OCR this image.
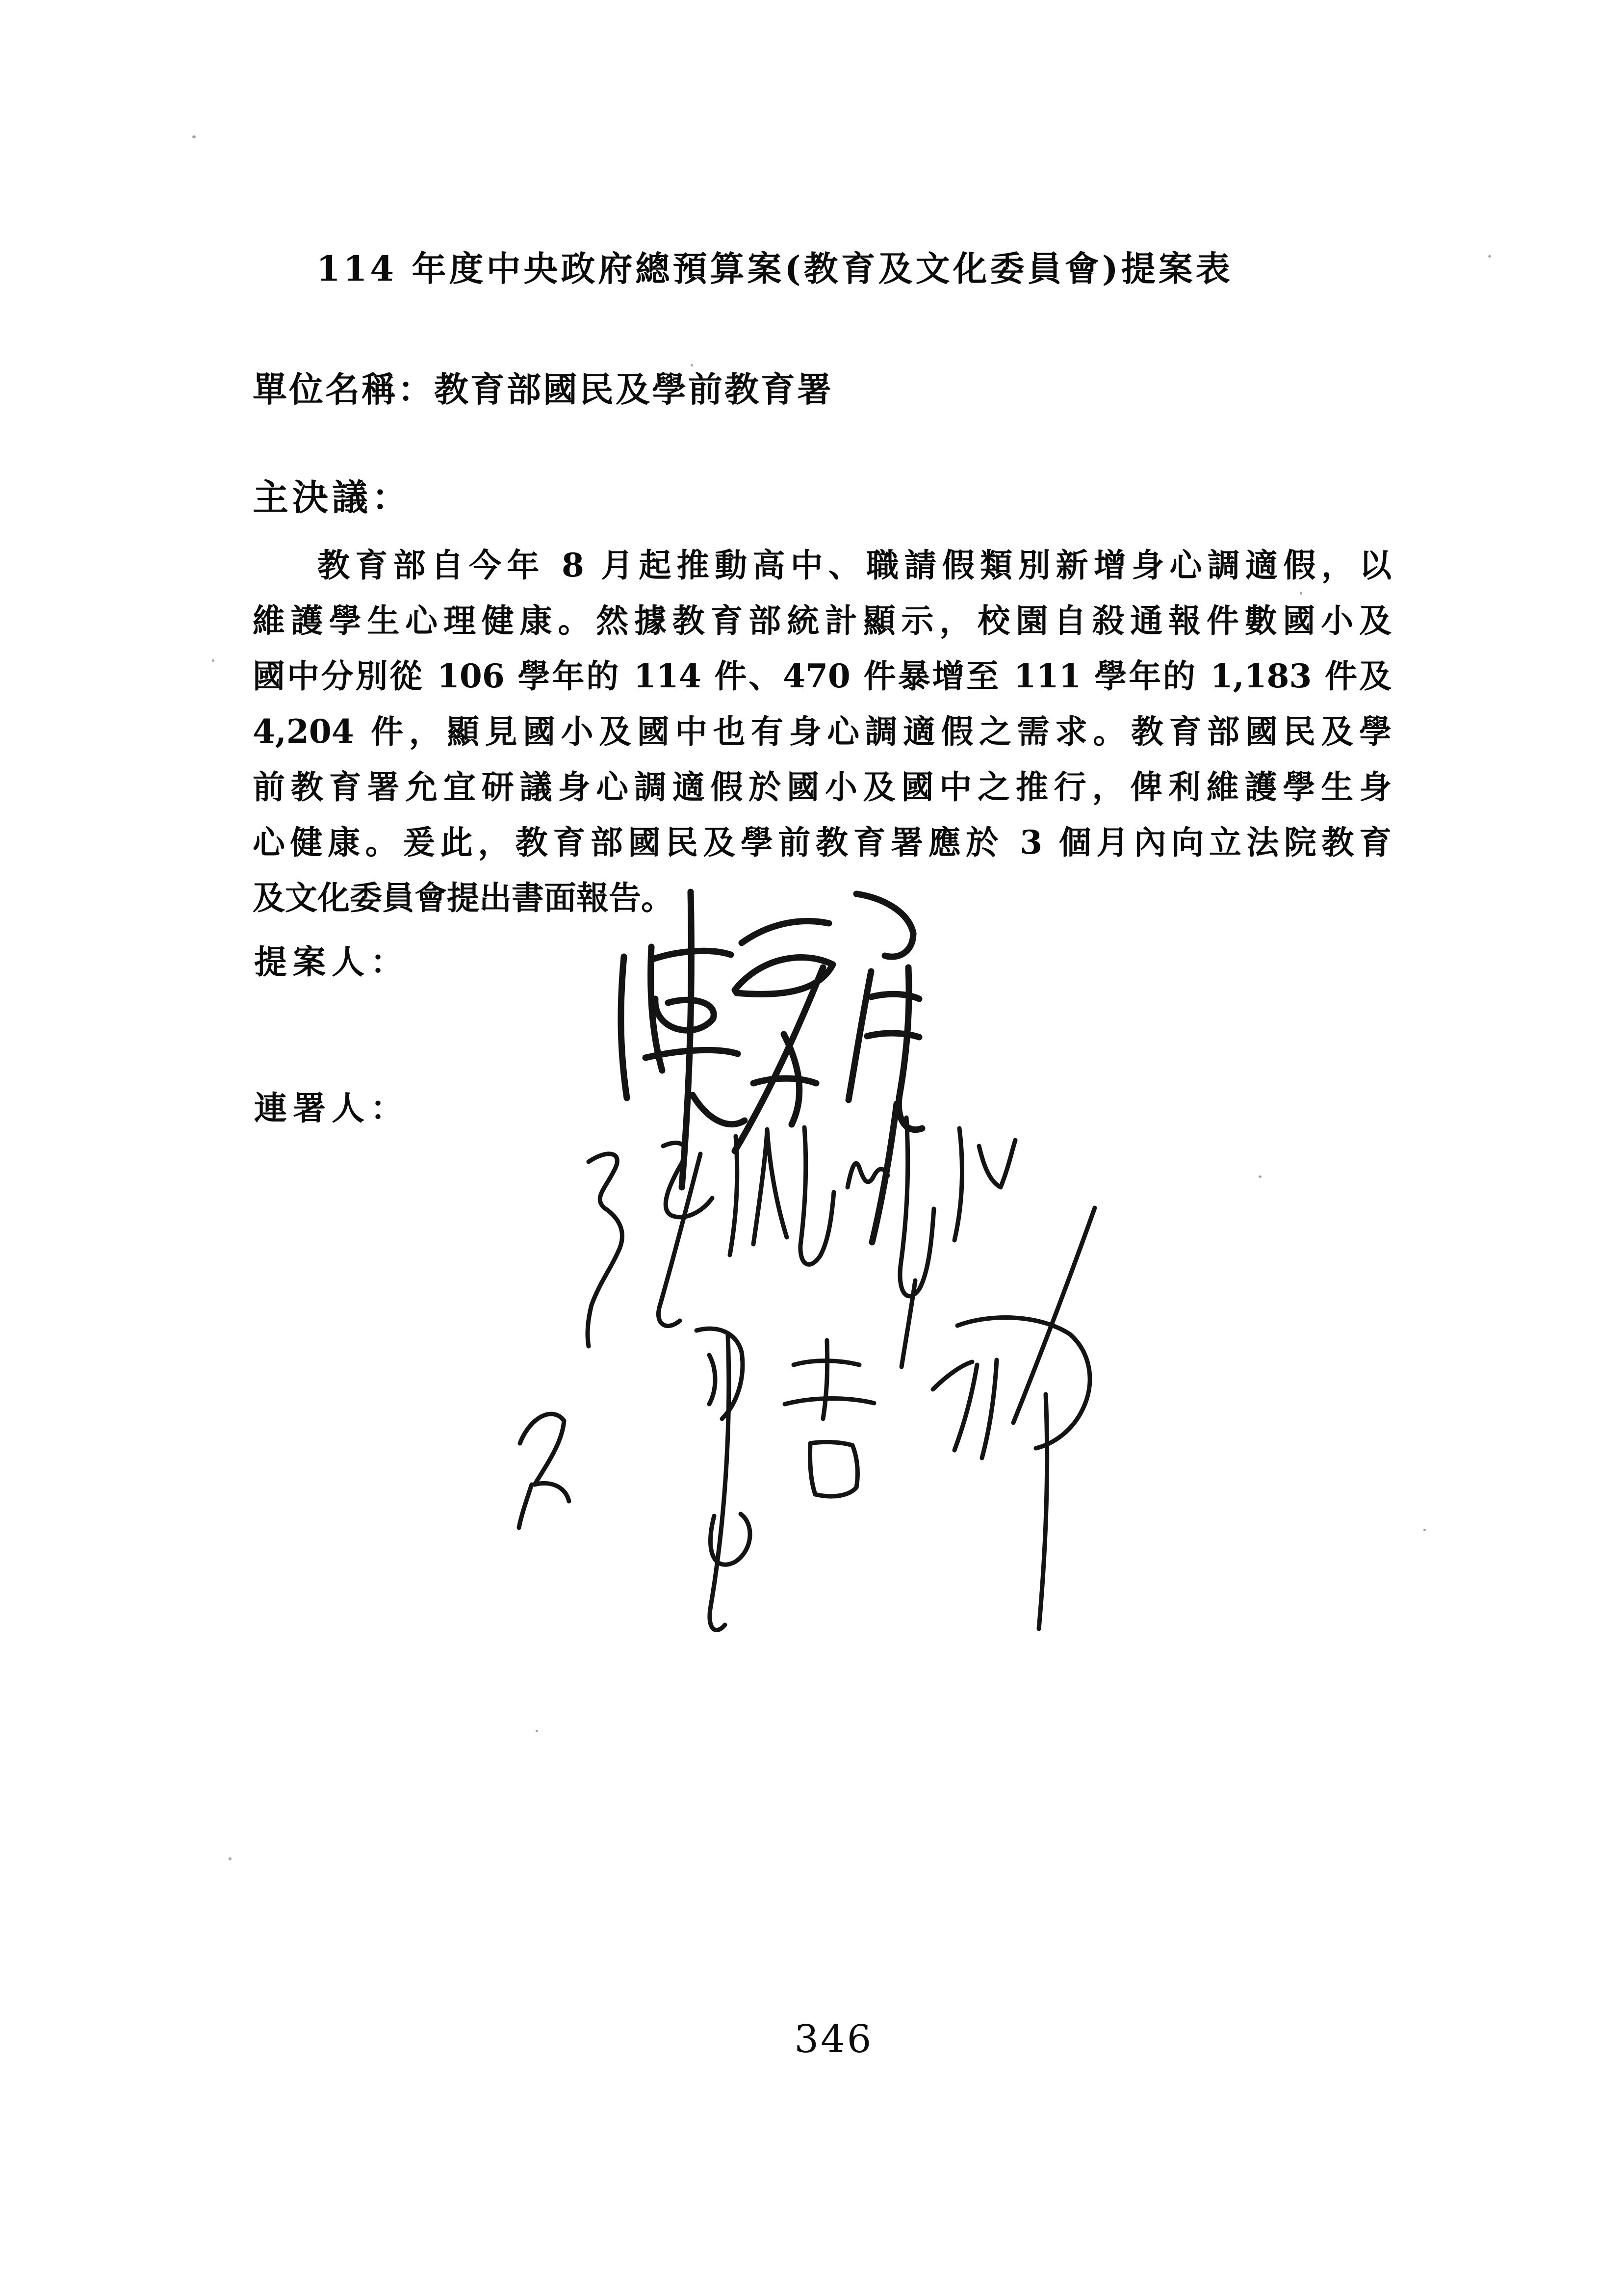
114 年度中央政府總預算案(教育及文化委員會)提案表
單位名稱：教育部國民及學前教育署
主決議：
教育部自今年 8 月起推動高中、職請假類別新增身心調適假，以
維護學生心理健康。然據教育部統計顯示，校園自殺通報件數國小及
國中分別從 106 學年的 114 件、470 件暴增至 111 學年的 1,183 件及
4,204 件，顯見國小及國中也有身心調適假之需求。教育部國民及學
前教育署允宜研議身心調適假於國小及國中之推行，俾利維護學生身
心健康。爰此，教育部國民及學前教育署應於 3 個月內向立法院教育
及文化委員會提出書面報告。
提案人：
連署人：
346
